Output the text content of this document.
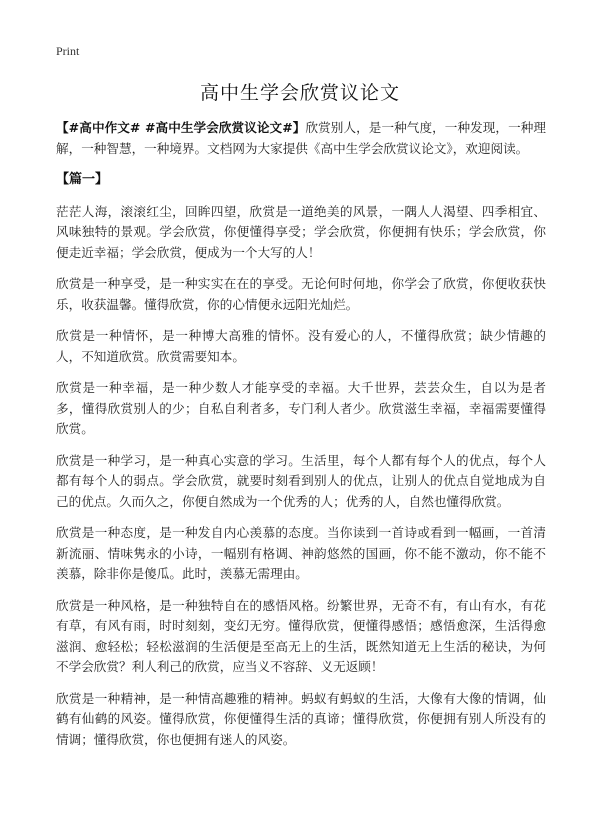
Print
高中生学会欣赏议论文

【#高中作文# #高中生学会欣赏议论文#】欣赏别人，是一种气度，一种发现，一种理解，一种智慧，一种境界。文档网为大家提供《高中生学会欣赏议论文》，欢迎阅读。

【篇一】

茫茫人海，滚滚红尘，回眸四望，欣赏是一道绝美的风景，一隅人人渴望、四季相宜、风味独特的景观。学会欣赏，你便懂得享受；学会欣赏，你便拥有快乐；学会欣赏，你便走近幸福；学会欣赏，便成为一个大写的人！

欣赏是一种享受，是一种实实在在的享受。无论何时何地，你学会了欣赏，你便收获快乐，收获温馨。懂得欣赏，你的心情便永远阳光灿烂。

欣赏是一种情怀，是一种博大高雅的情怀。没有爱心的人，不懂得欣赏；缺少情趣的人，不知道欣赏。欣赏需要知本。

欣赏是一种幸福，是一种少数人才能享受的幸福。大千世界，芸芸众生，自以为是者多，懂得欣赏别人的少；自私自利者多，专门利人者少。欣赏滋生幸福，幸福需要懂得欣赏。

欣赏是一种学习，是一种真心实意的学习。生活里，每个人都有每个人的优点，每个人都有每个人的弱点。学会欣赏，就要时刻看到别人的优点，让别人的优点自觉地成为自己的优点。久而久之，你便自然成为一个优秀的人；优秀的人，自然也懂得欣赏。

欣赏是一种态度，是一种发自内心羡慕的态度。当你读到一首诗或看到一幅画，一首清新流丽、情味隽永的小诗，一幅别有格调、神韵悠然的国画，你不能不激动，你不能不羡慕，除非你是傻瓜。此时，羡慕无需理由。

欣赏是一种风格，是一种独特自在的感悟风格。纷繁世界，无奇不有，有山有水，有花有草，有风有雨，时时刻刻，变幻无穷。懂得欣赏，便懂得感悟；感悟愈深，生活得愈滋润、愈轻松；轻松滋润的生活便是至高无上的生活，既然知道无上生活的秘诀，为何不学会欣赏？利人利己的欣赏，应当义不容辞、义无返顾！

欣赏是一种精神，是一种情高趣雅的精神。蚂蚁有蚂蚁的生活，大像有大像的情调，仙鹤有仙鹤的风姿。懂得欣赏，你便懂得生活的真谛；懂得欣赏，你便拥有别人所没有的情调；懂得欣赏，你也便拥有迷人的风姿。
